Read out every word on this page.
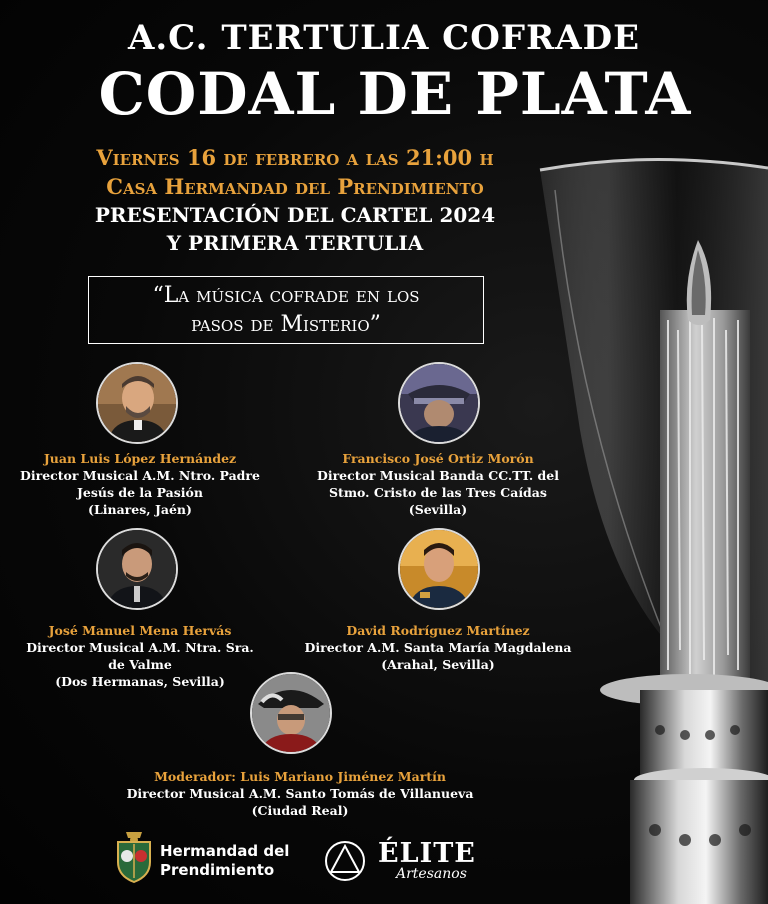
A.C. TERTULIA COFRADE
CODAL DE PLATA
Viernes 16 de febrero a las 21:00 h
Casa Hermandad del Prendimiento
PRESENTACIÓN DEL CARTEL 2024
Y PRIMERA TERTULIA
“La música cofrade en los
pasos de Misterio”
Juan Luis López Hernández
Director Musical A.M. Ntro. Padre
Jesús de la Pasión
(Linares, Jaén)
Francisco José Ortiz Morón
Director Musical Banda CC.TT. del
Stmo. Cristo de las Tres Caídas
(Sevilla)
José Manuel Mena Hervás
Director Musical A.M. Ntra. Sra.
de Valme
(Dos Hermanas, Sevilla)
David Rodríguez Martínez
Director A.M. Santa María Magdalena
(Arahal, Sevilla)
Moderador: Luis Mariano Jiménez Martín
Director Musical A.M. Santo Tomás de Villanueva
(Ciudad Real)
Hermandad del
Prendimiento
ÉLITE
Artesanos
